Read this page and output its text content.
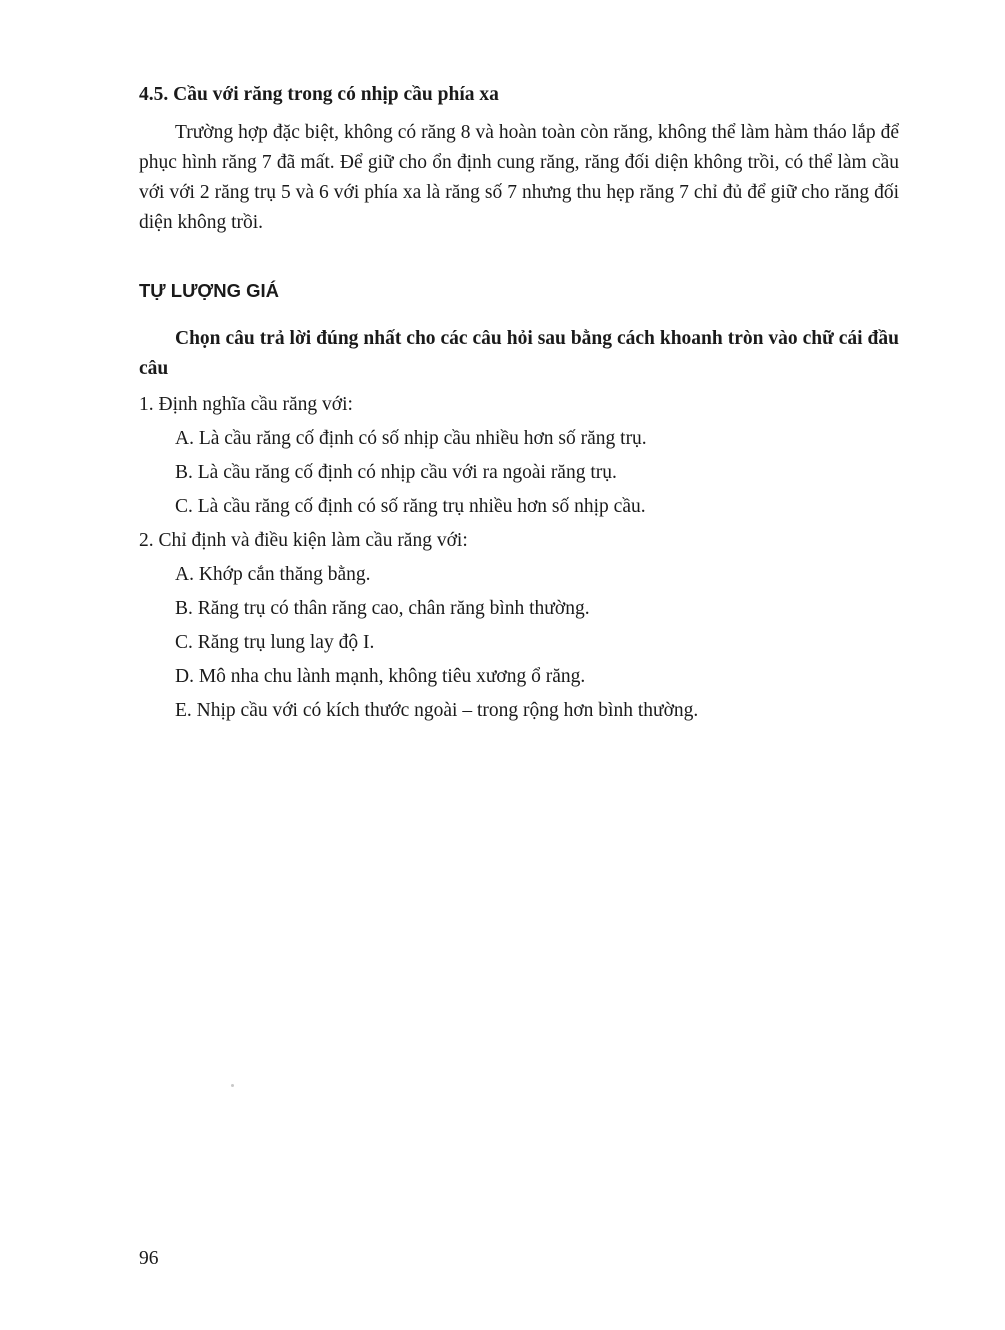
4.5. Cầu với răng trong có nhịp cầu phía xa
Trường hợp đặc biệt, không có răng 8 và hoàn toàn còn răng, không thể làm hàm tháo lắp để phục hình răng 7 đã mất. Để giữ cho ổn định cung răng, răng đối diện không trồi, có thể làm cầu với với 2 răng trụ 5 và 6 với phía xa là răng số 7 nhưng thu hẹp răng 7 chỉ đủ để giữ cho răng đối diện không trồi.
TỰ LƯỢNG GIÁ
Chọn câu trả lời đúng nhất cho các câu hỏi sau bằng cách khoanh tròn vào chữ cái đầu câu
1. Định nghĩa cầu răng với:
A. Là cầu răng cố định có số nhịp cầu nhiều hơn số răng trụ.
B. Là cầu răng cố định có nhịp cầu với ra ngoài răng trụ.
C. Là cầu răng cố định có số răng trụ nhiều hơn số nhịp cầu.
2. Chỉ định và điều kiện làm cầu răng với:
A. Khớp cắn thăng bằng.
B. Răng trụ có thân răng cao, chân răng bình thường.
C. Răng trụ lung lay độ I.
D. Mô nha chu lành mạnh, không tiêu xương ổ răng.
E. Nhịp cầu với có kích thước ngoài – trong rộng hơn bình thường.
96
